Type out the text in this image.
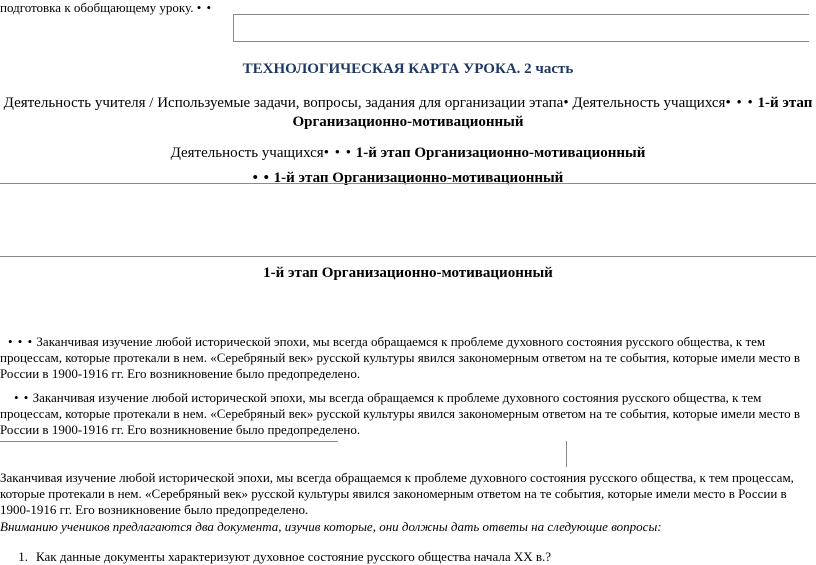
подготовка к обобщающему уроку. • •
ТЕХНОЛОГИЧЕСКАЯ КАРТА УРОКА. 2 часть
Деятельность учителя / Используемые задачи, вопросы, задания для организации этапа• Деятельность учащихся• • • 1-й этап Организационно-мотивационный
Деятельность учащихся• • • 1-й этап Организационно-мотивационный
• • 1-й этап Организационно-мотивационный
1-й этап Организационно-мотивационный
• • • Заканчивая изучение любой исторической эпохи, мы всегда обращаемся к проблеме духовного состояния русского общества, к тем процессам, которые протекали в нем. «Серебряный век» русской культуры явился закономерным ответом на те события, которые имели место в России в 1900-1916 гг. Его возникновение было предопределено.
• • Заканчивая изучение любой исторической эпохи, мы всегда обращаемся к проблеме духовного состояния русского общества, к тем процессам, которые протекали в нем. «Серебряный век» русской культуры явился закономерным ответом на те события, которые имели место в России в 1900-1916 гг. Его возникновение было предопределено.
Заканчивая изучение любой исторической эпохи, мы всегда обращаемся к проблеме духовного состояния русского общества, к тем процессам, которые протекали в нем. «Серебряный век» русской культуры явился закономерным ответом на те события, которые имели место в России в 1900-1916 гг. Его возникновение было предопределено.
Вниманию учеников предлагаются два документа, изучив которые, они должны дать ответы на следующие вопросы:
1. Как данные документы характеризуют духовное состояние русского общества начала XX в.?
